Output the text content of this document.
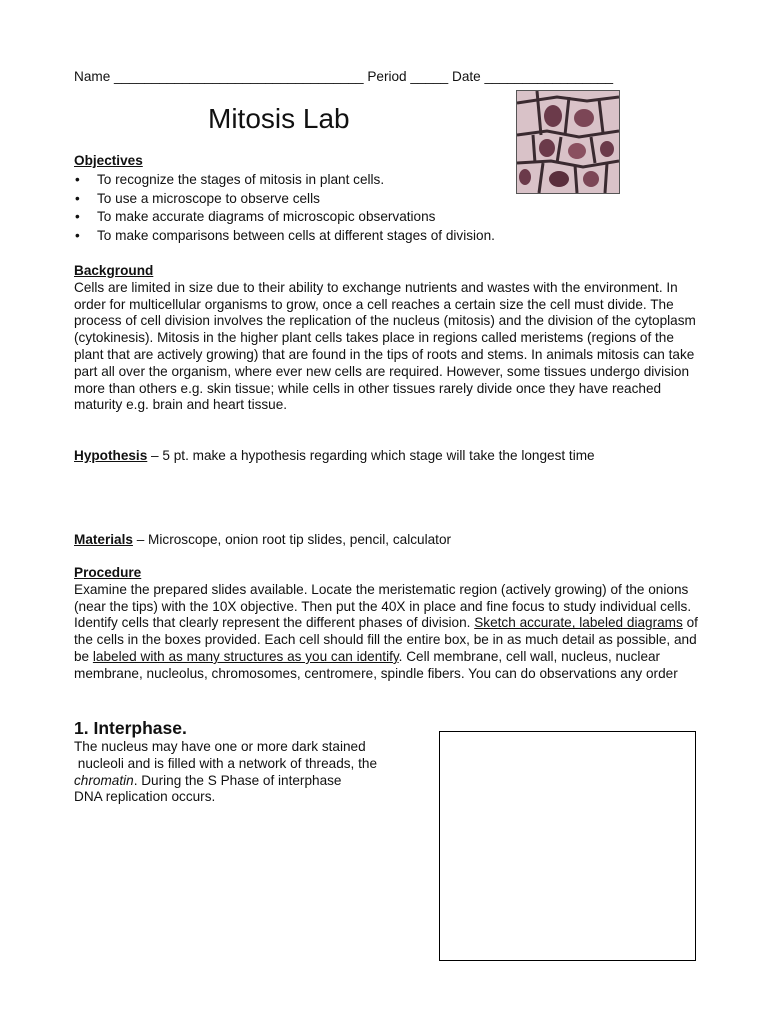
Name _________________________________ Period _____ Date _________________
Mitosis Lab
Objectives
• To recognize the stages of mitosis in plant cells.
• To use a microscope to observe cells
• To make accurate diagrams of microscopic observations
• To make comparisons between cells at different stages of division.
Background
Cells are limited in size due to their ability to exchange nutrients and wastes with the environment. In order for multicellular organisms to grow, once a cell reaches a certain size the cell must divide. The process of cell division involves the replication of the nucleus (mitosis) and the division of the cytoplasm (cytokinesis). Mitosis in the higher plant cells takes place in regions called meristems (regions of the plant that are actively growing) that are found in the tips of roots and stems. In animals mitosis can take part all over the organism, where ever new cells are required. However, some tissues undergo division more than others e.g. skin tissue; while cells in other tissues rarely divide once they have reached maturity e.g. brain and heart tissue.
Hypothesis – 5 pt. make a hypothesis regarding which stage will take the longest time
Materials – Microscope, onion root tip slides, pencil, calculator
Procedure
Examine the prepared slides available. Locate the meristematic region (actively growing) of the onions (near the tips) with the 10X objective. Then put the 40X in place and fine focus to study individual cells. Identify cells that clearly represent the different phases of division. Sketch accurate, labeled diagrams of the cells in the boxes provided. Each cell should fill the entire box, be in as much detail as possible, and be labeled with as many structures as you can identify. Cell membrane, cell wall, nucleus, nuclear membrane, nucleolus, chromosomes, centromere, spindle fibers. You can do observations any order
1. Interphase.
The nucleus may have one or more dark stained
nucleoli and is filled with a network of threads, the
chromatin. During the S Phase of interphase
DNA replication occurs.
